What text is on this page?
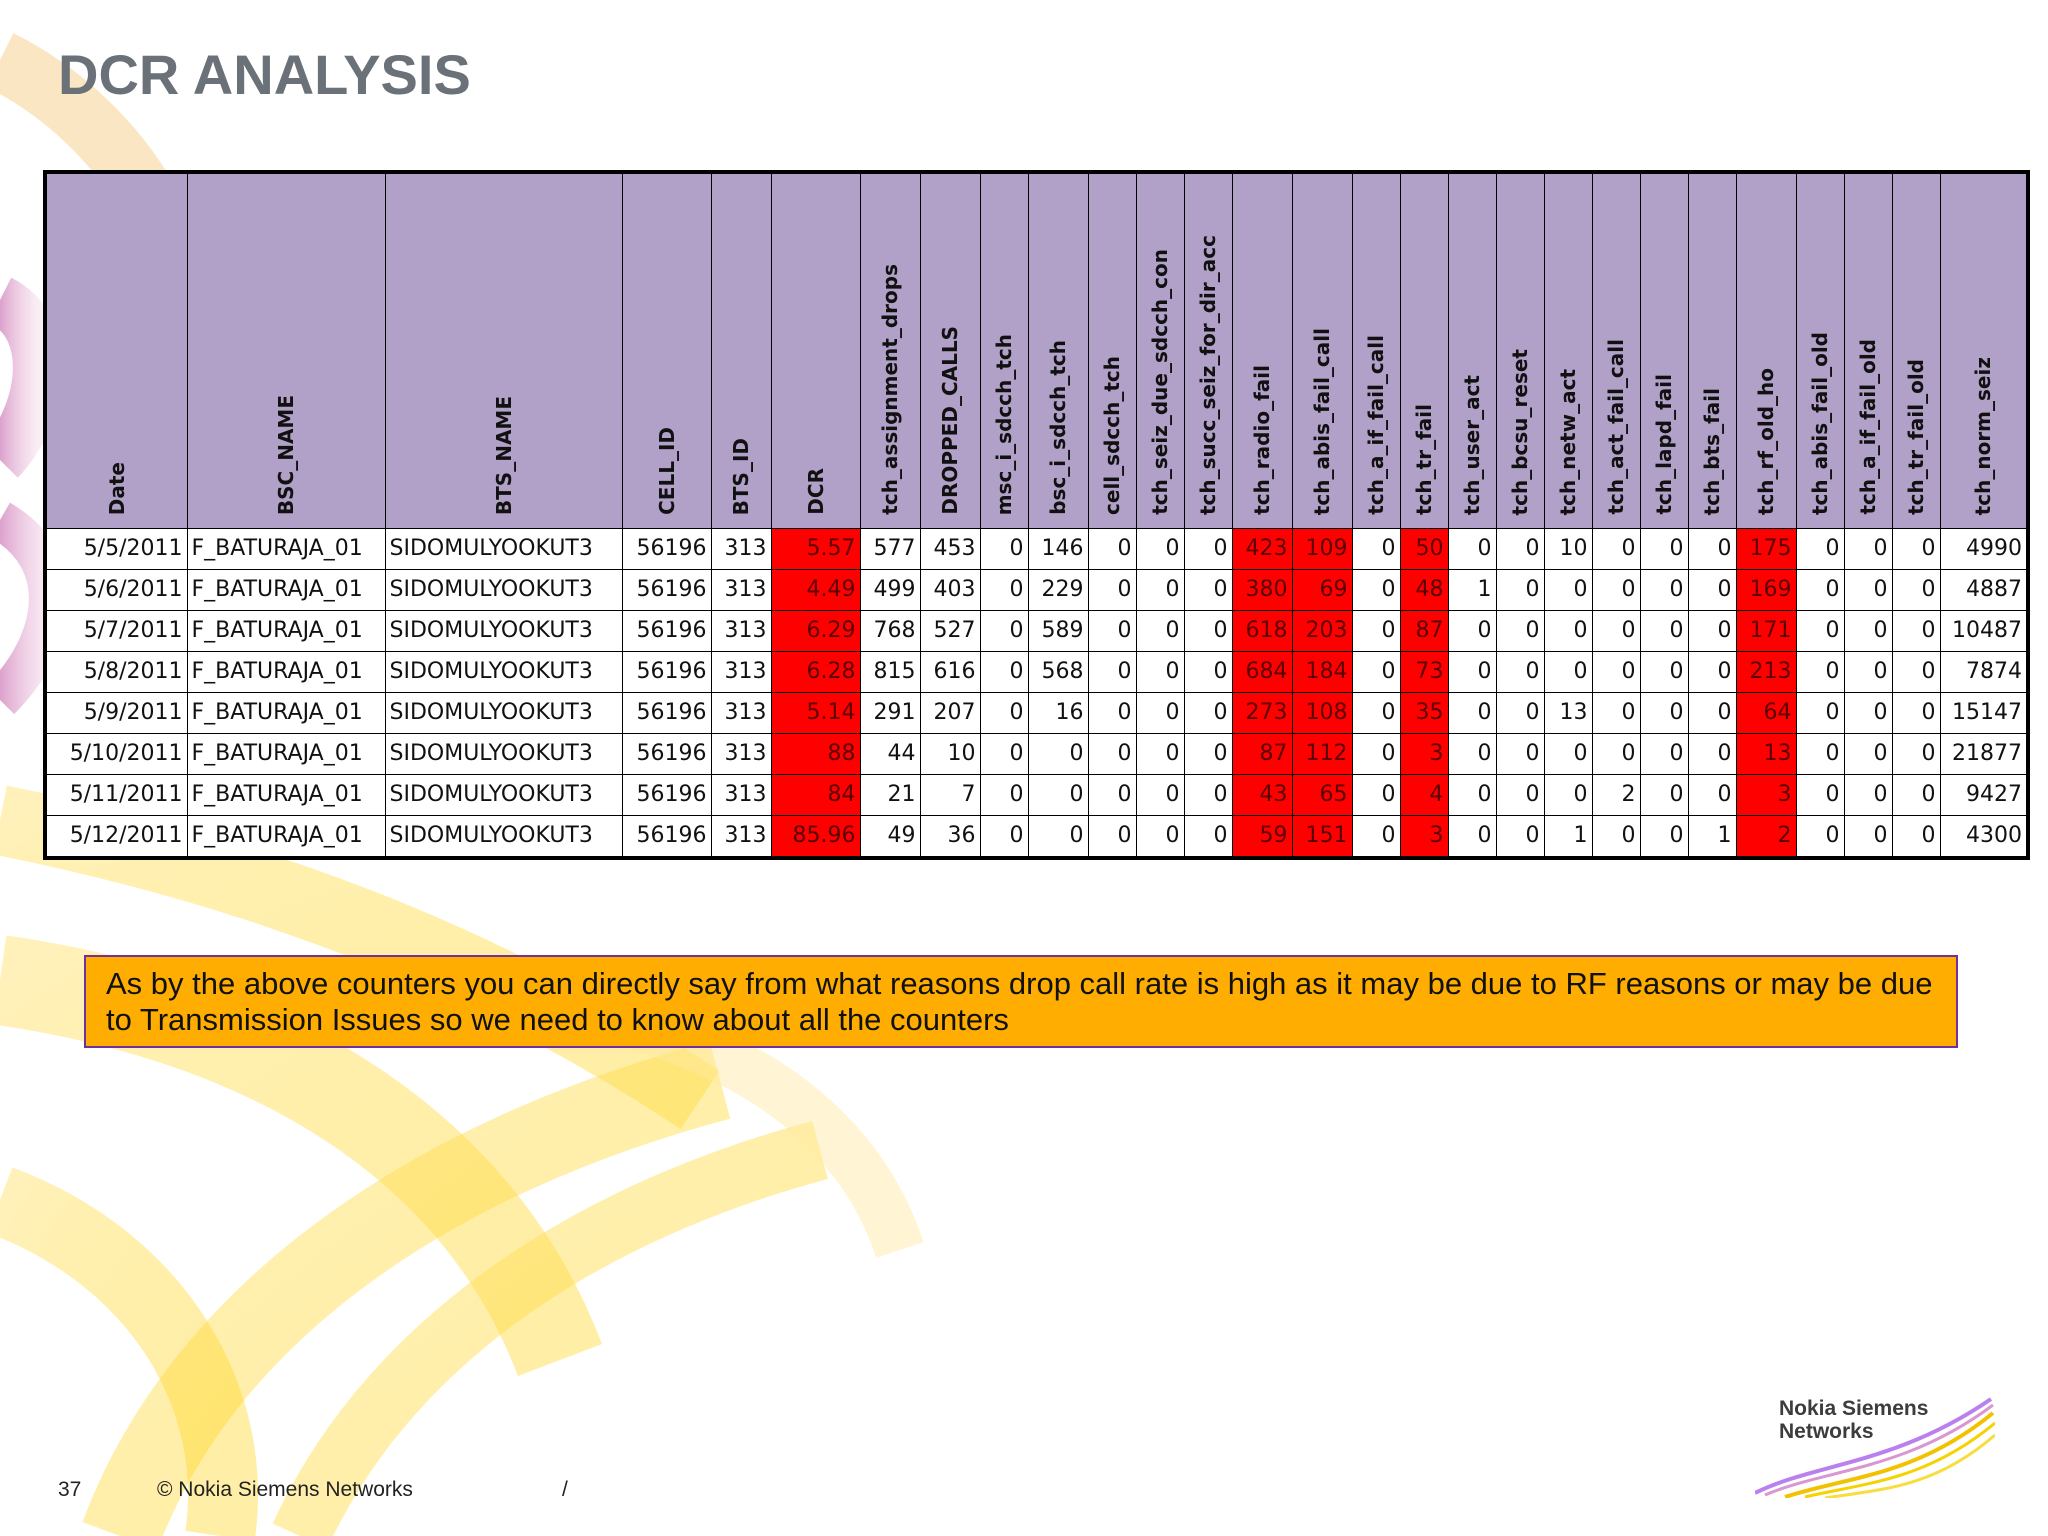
DCR ANALYSIS
Date	BSC_NAME	BTS_NAME	CELL_ID	BTS_ID	DCR	tch_assignment_drops	DROPPED_CALLS	msc_i_sdcch_tch	bsc_i_sdcch_tch	cell_sdcch_tch	tch_seiz_due_sdcch_con	tch_succ_seiz_for_dir_acc	tch_radio_fail	tch_abis_fail_call	tch_a_if_fail_call	tch_tr_fail	tch_user_act	tch_bcsu_reset	tch_netw_act	tch_act_fail_call	tch_lapd_fail	tch_bts_fail	tch_rf_old_ho	tch_abis_fail_old	tch_a_if_fail_old	tch_tr_fail_old	tch_norm_seiz
5/5/2011	F_BATURAJA_01	SIDOMULYOOKUT3	56196	313	5.57	577	453	0	146	0	0	0	423	109	0	50	0	0	10	0	0	0	175	0	0	0	4990
5/6/2011	F_BATURAJA_01	SIDOMULYOOKUT3	56196	313	4.49	499	403	0	229	0	0	0	380	69	0	48	1	0	0	0	0	0	169	0	0	0	4887
5/7/2011	F_BATURAJA_01	SIDOMULYOOKUT3	56196	313	6.29	768	527	0	589	0	0	0	618	203	0	87	0	0	0	0	0	0	171	0	0	0	10487
5/8/2011	F_BATURAJA_01	SIDOMULYOOKUT3	56196	313	6.28	815	616	0	568	0	0	0	684	184	0	73	0	0	0	0	0	0	213	0	0	0	7874
5/9/2011	F_BATURAJA_01	SIDOMULYOOKUT3	56196	313	5.14	291	207	0	16	0	0	0	273	108	0	35	0	0	13	0	0	0	64	0	0	0	15147
5/10/2011	F_BATURAJA_01	SIDOMULYOOKUT3	56196	313	88	44	10	0	0	0	0	0	87	112	0	3	0	0	0	0	0	0	13	0	0	0	21877
5/11/2011	F_BATURAJA_01	SIDOMULYOOKUT3	56196	313	84	21	7	0	0	0	0	0	43	65	0	4	0	0	0	2	0	0	3	0	0	0	9427
5/12/2011	F_BATURAJA_01	SIDOMULYOOKUT3	56196	313	85.96	49	36	0	0	0	0	0	59	151	0	3	0	0	1	0	0	1	2	0	0	0	4300
As by the above counters you can directly say from what reasons drop call rate is high as it may be due to RF reasons or may be due to Transmission Issues so we need to know about all the counters
37	© Nokia Siemens Networks	/
Nokia Siemens
Networks
